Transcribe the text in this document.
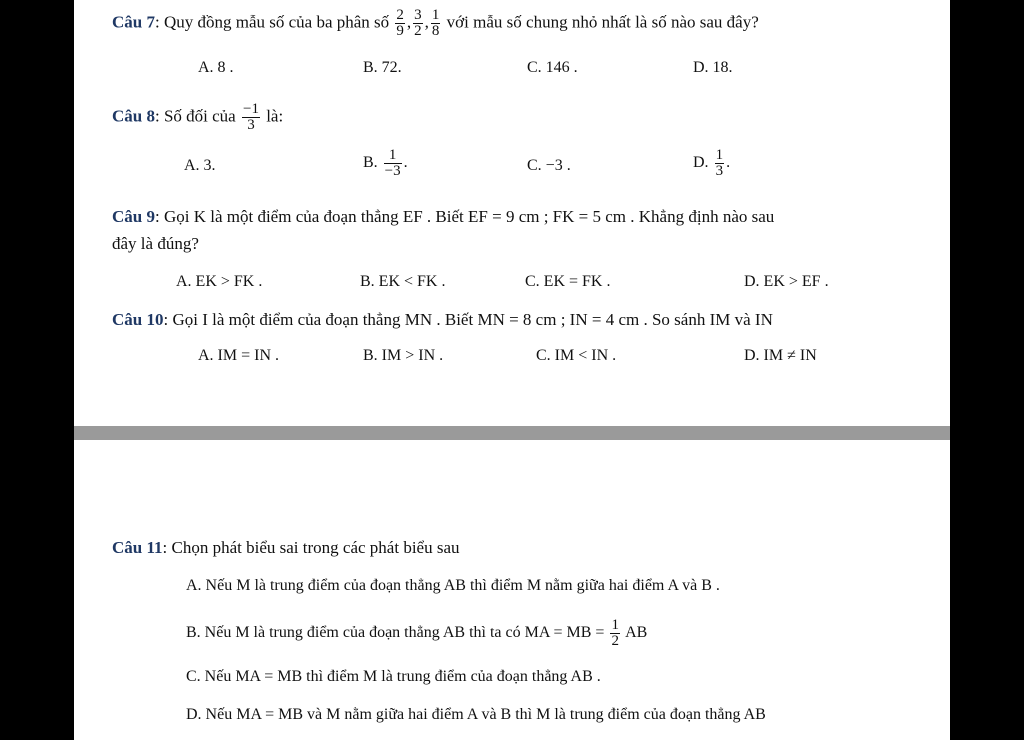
Câu 7: Quy đồng mẫu số của ba phân số $\frac{2}{9}$ , $\frac{3}{2}$ , $\frac{1}{8}$ với mẫu số chung nhỏ nhất là số nào sau đây?
A. 8 .	B. 72.	C. 146 .	D. 18.
Câu 8: Số đối của $\frac{-1}{3}$ là:
A. 3.	B. $\frac{1}{-3}$ .	C. −3 .	D. $\frac{1}{3}$ .
Câu 9: Gọi K là một điểm của đoạn thẳng EF . Biết EF = 9 cm ; FK = 5 cm . Khẳng định nào sau
đây là đúng?
A. EK > FK .	B. EK < FK .	C. EK = FK .	D. EK > EF .
Câu 10: Gọi I là một điểm của đoạn thẳng MN . Biết MN = 8 cm ; IN = 4 cm . So sánh IM và IN
A. IM = IN .	B. IM > IN .	C. IM < IN .	D. IM ≠ IN
Câu 11: Chọn phát biểu sai trong các phát biểu sau
A. Nếu M là trung điểm của đoạn thẳng AB thì điểm M nằm giữa hai điểm A và B .
B. Nếu M là trung điểm của đoạn thẳng AB thì ta có MA = MB = $\frac{1}{2}$ AB
C. Nếu MA = MB thì điểm M là trung điểm của đoạn thẳng AB .
D. Nếu MA = MB và M nằm giữa hai điểm A và B thì M là trung điểm của đoạn thẳng AB
